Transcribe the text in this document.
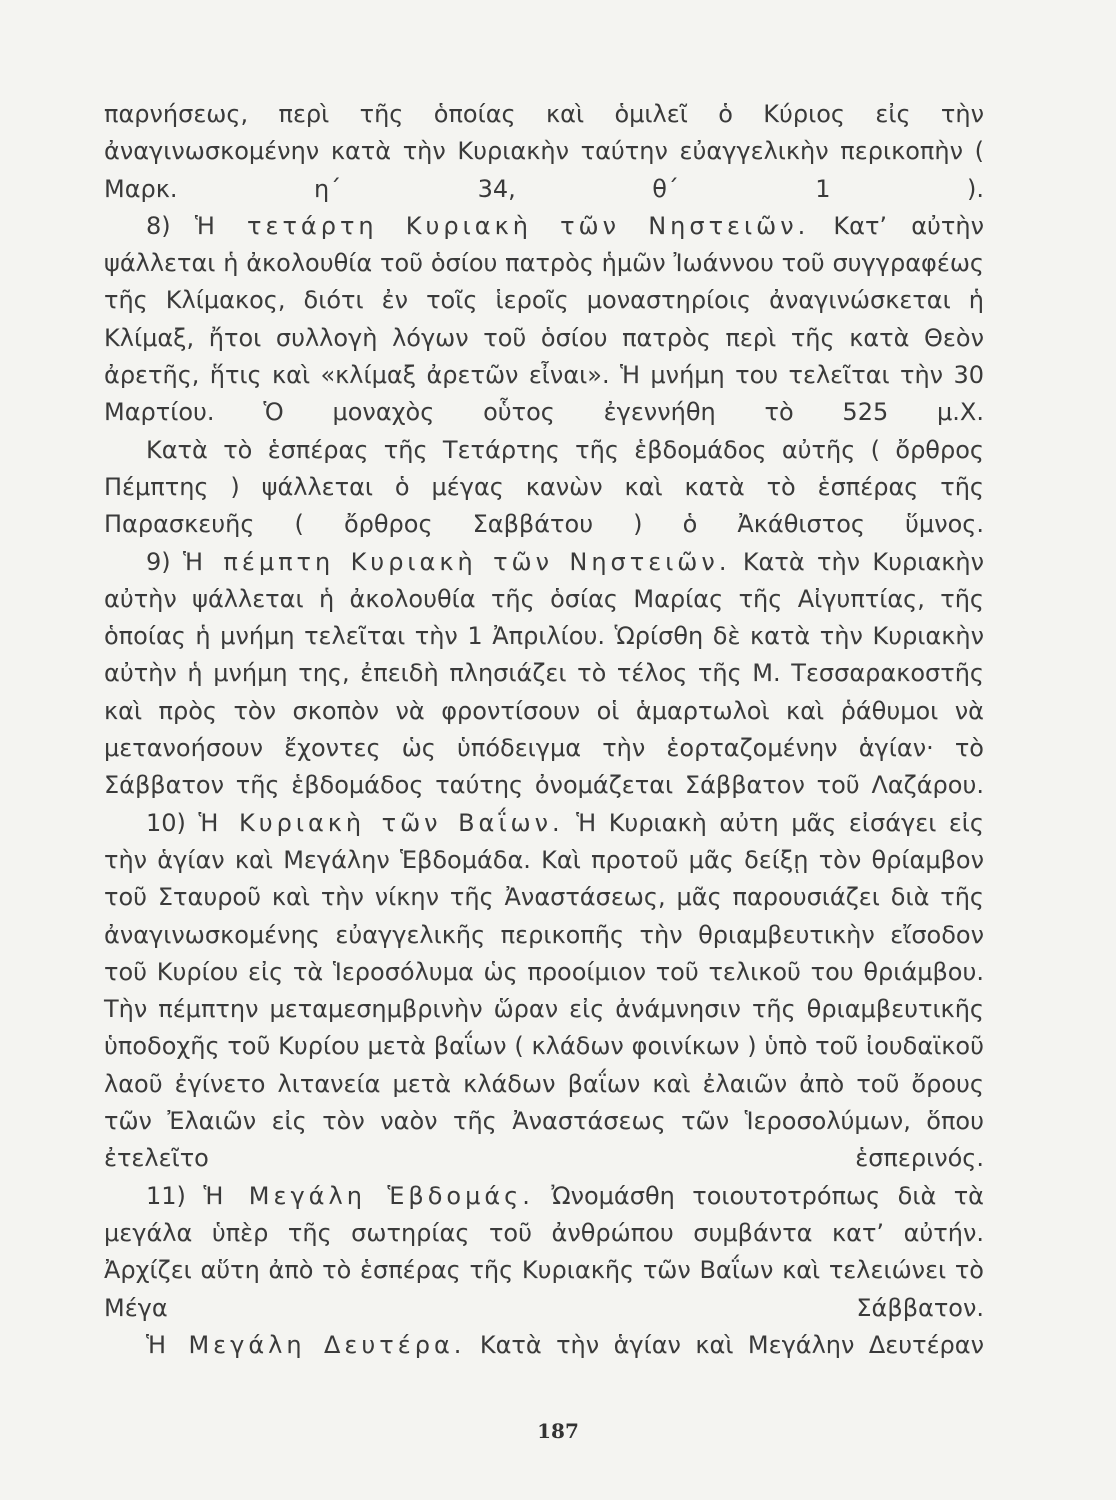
παρνήσεως, περὶ τῆς ὁποίας καὶ ὁμιλεῖ ὁ Κύριος εἰς τὴν ἀναγινωσκομένην κατὰ τὴν Κυριακὴν ταύτην εὐαγγελικὴν περικοπὴν ( Μαρκ. η΄ 34, θ΄ 1 ).

8) Ἡ τετάρτη Κυριακὴ τῶν Νηστειῶν. Κατ’ αὐτὴν ψάλλεται ἡ ἀκολουθία τοῦ ὁσίου πατρὸς ἡμῶν Ἰωάννου τοῦ συγγραφέως τῆς Κλίμακος, διότι ἐν τοῖς ἱεροῖς μοναστηρίοις ἀναγινώσκεται ἡ Κλίμαξ, ἤτοι συλλογὴ λόγων τοῦ ὁσίου πατρὸς περὶ τῆς κατὰ Θεὸν ἀρετῆς, ἥτις καὶ «κλίμαξ ἀρετῶν εἶναι». Ἡ μνήμη του τελεῖται τὴν 30 Μαρτίου. Ὁ μοναχὸς οὗτος ἐγεννήθη τὸ 525 μ.Χ.

Κατὰ τὸ ἑσπέρας τῆς Τετάρτης τῆς ἑβδομάδος αὐτῆς ( ὄρθρος Πέμπτης ) ψάλλεται ὁ μέγας κανὼν καὶ κατὰ τὸ ἑσπέρας τῆς Παρασκευῆς ( ὄρθρος Σαββάτου ) ὁ Ἀκάθιστος ὕμνος.

9) Ἡ πέμπτη Κυριακὴ τῶν Νηστειῶν. Κατὰ τὴν Κυριακὴν αὐτὴν ψάλλεται ἡ ἀκολουθία τῆς ὁσίας Μαρίας τῆς Αἰγυπτίας, τῆς ὁποίας ἡ μνήμη τελεῖται τὴν 1 Ἀπριλίου. Ὡρίσθη δὲ κατὰ τὴν Κυριακὴν αὐτὴν ἡ μνήμη της, ἐπειδὴ πλησιάζει τὸ τέλος τῆς Μ. Τεσσαρακοστῆς καὶ πρὸς τὸν σκοπὸν νὰ φροντίσουν οἱ ἁμαρτωλοὶ καὶ ῥάθυμοι νὰ μετανοήσουν ἔχοντες ὡς ὑπόδειγμα τὴν ἑορταζομένην ἁγίαν· τὸ Σάββατον τῆς ἑβδομάδος ταύτης ὀνομάζεται Σάββατον τοῦ Λαζάρου.

10) Ἡ Κυριακὴ τῶν Βαΐων. Ἡ Κυριακὴ αὐτη μᾶς εἰσάγει εἰς τὴν ἁγίαν καὶ Μεγάλην Ἑβδομάδα. Καὶ προτοῦ μᾶς δείξῃ τὸν θρίαμβον τοῦ Σταυροῦ καὶ τὴν νίκην τῆς Ἀναστάσεως, μᾶς παρουσιάζει διὰ τῆς ἀναγινωσκομένης εὐαγγελικῆς περικοπῆς τὴν θριαμβευτικὴν εἴσοδον τοῦ Κυρίου εἰς τὰ Ἱεροσόλυμα ὡς προοίμιον τοῦ τελικοῦ του θριάμβου. Τὴν πέμπτην μεταμεσημβρινὴν ὥραν εἰς ἀνάμνησιν τῆς θριαμβευτικῆς ὑποδοχῆς τοῦ Κυρίου μετὰ βαΐων ( κλάδων φοινίκων ) ὑπὸ τοῦ ἰουδαϊκοῦ λαοῦ ἐγίνετο λιτανεία μετὰ κλάδων βαΐων καὶ ἐλαιῶν ἀπὸ τοῦ ὄρους τῶν Ἐλαιῶν εἰς τὸν ναὸν τῆς Ἀναστάσεως τῶν Ἱεροσολύμων, ὅπου ἐτελεῖτο ἑσπερινός.

11) Ἡ Μεγάλη Ἑβδομάς. Ὠνομάσθη τοιουτοτρόπως διὰ τὰ μεγάλα ὑπὲρ τῆς σωτηρίας τοῦ ἀνθρώπου συμβάντα κατ’ αὐτήν. Ἀρχίζει αὕτη ἀπὸ τὸ ἑσπέρας τῆς Κυριακῆς τῶν Βαΐων καὶ τελειώνει τὸ Μέγα Σάββατον.

Ἡ Μεγάλη Δευτέρα. Κατὰ τὴν ἁγίαν καὶ Μεγάλην Δευτέραν

187
